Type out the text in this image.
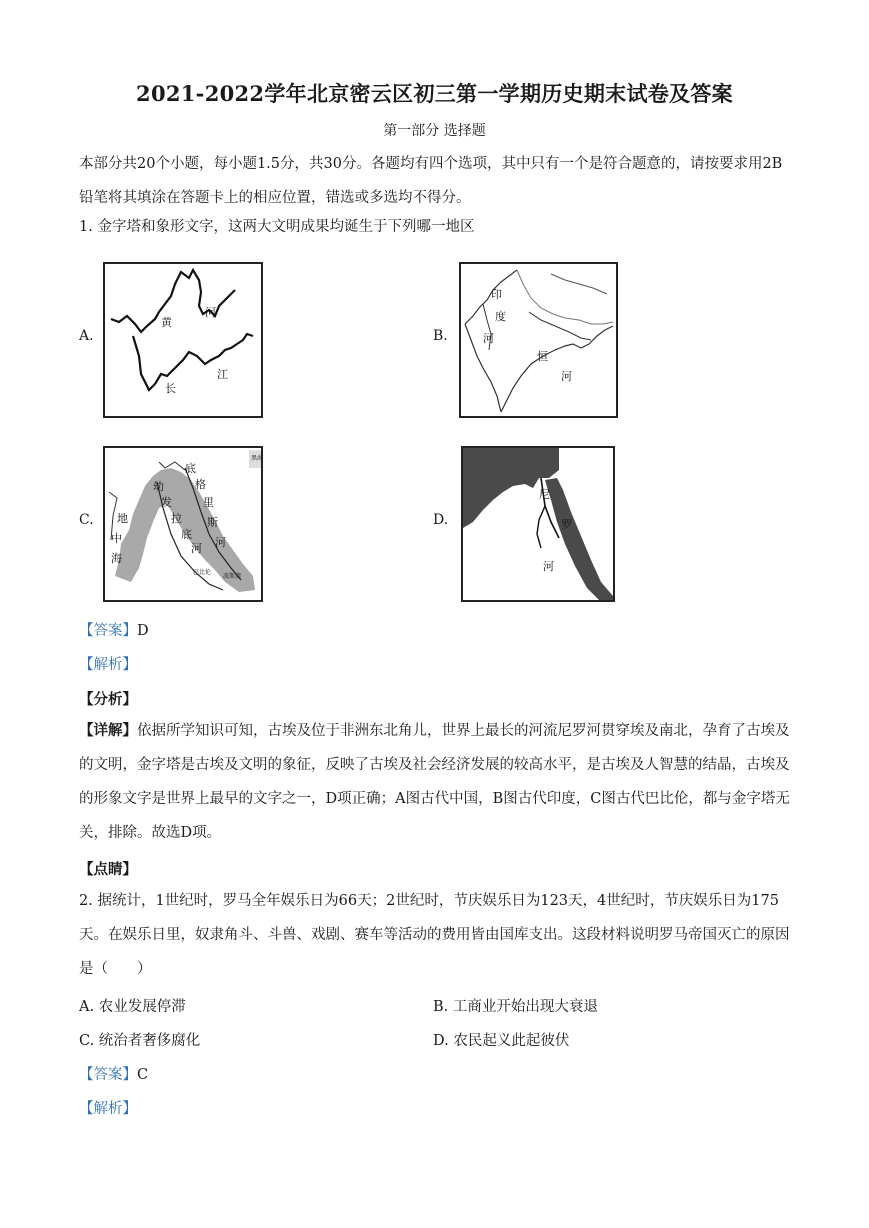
2021-2022学年北京密云区初三第一学期历史期末试卷及答案
第一部分 选择题
本部分共20个小题，每小题1.5分，共30分。各题均有四个选项，其中只有一个是符合题意的，请按要求用2B铅笔将其填涂在答题卡上的相应位置，错选或多选均不得分。
1. 金字塔和象形文字，这两大文明成果均诞生于下列哪一地区
A.
黄
河
长
江
B.
印
度
河
恒
河
C.
幼
发
拉
底
河
底
格
里
斯
河
地
中
海
黑海
巴比伦
波斯湾
D.
尼
罗
河
【答案】D
【解析】
【分析】
【详解】依据所学知识可知，古埃及位于非洲东北角儿，世界上最长的河流尼罗河贯穿埃及南北，孕育了古埃及的文明，金字塔是古埃及文明的象征，反映了古埃及社会经济发展的较高水平，是古埃及人智慧的结晶，古埃及的形象文字是世界上最早的文字之一，D项正确；A图古代中国，B图古代印度，C图古代巴比伦，都与金字塔无关，排除。故选D项。
【点睛】
2. 据统计，1世纪时，罗马全年娱乐日为66天；2世纪时，节庆娱乐日为123天，4世纪时，节庆娱乐日为175天。在娱乐日里，奴隶角斗、斗兽、戏剧、赛车等活动的费用皆由国库支出。这段材料说明罗马帝国灭亡的原因是（　　）
A. 农业发展停滞	B. 工商业开始出现大衰退
C. 统治者奢侈腐化	D. 农民起义此起彼伏
【答案】C
【解析】
